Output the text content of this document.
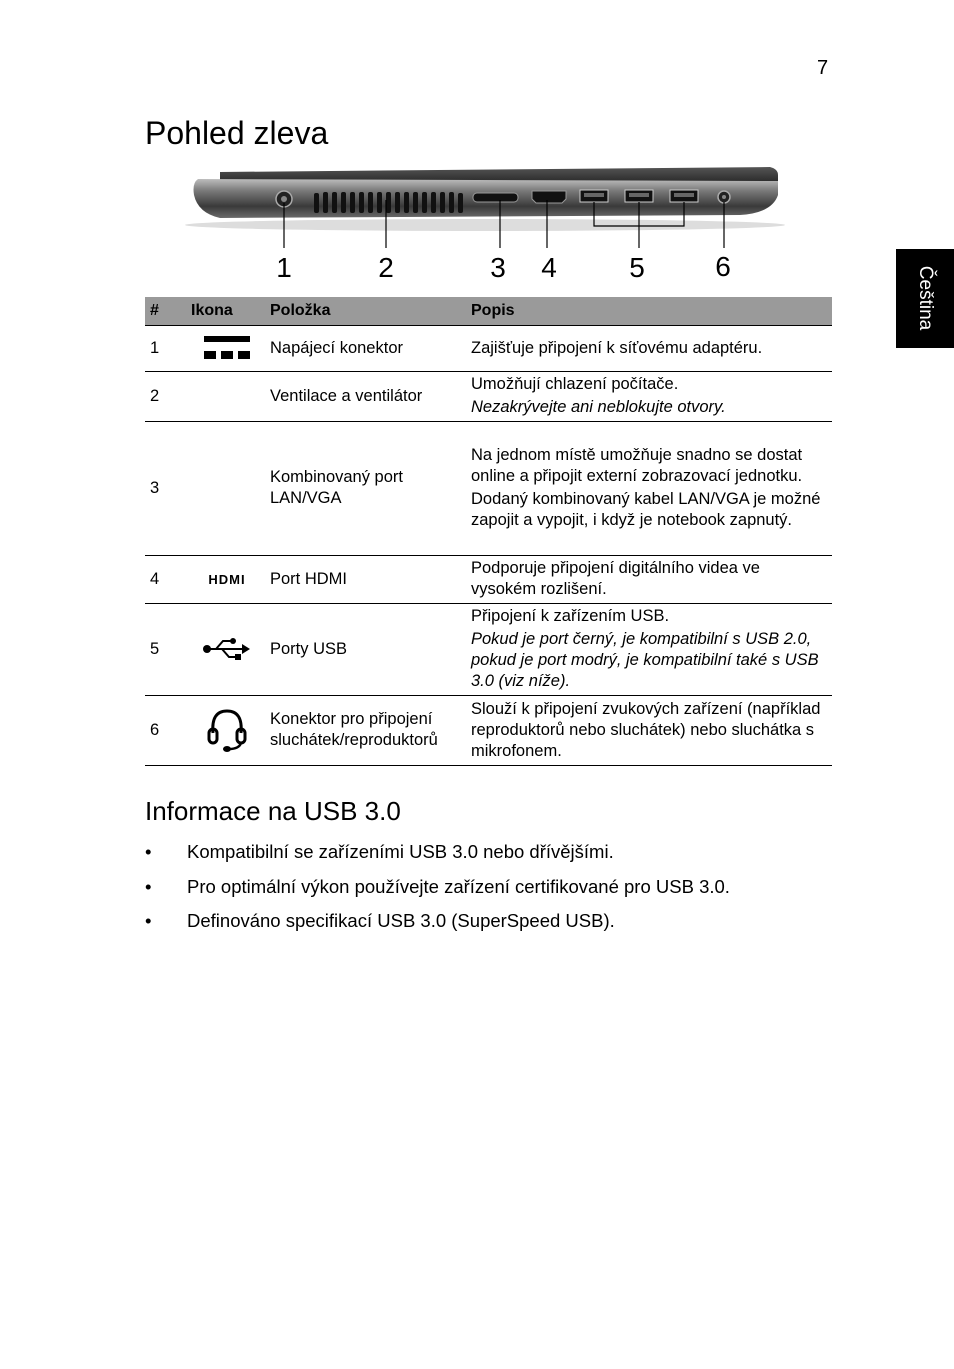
7
Čeština
Pohled zleva
1	2	3 4	5	6
#	Ikona	Položka	Popis
1		Napájecí konektor	Zajišťuje připojení k síťovému adaptéru.

2		Ventilace a ventilátor	Umožňují chlazení počítače.
Nezakrývejte ani neblokujte otvory.

3		Kombinovaný port LAN/VGA	Na jednom místě umožňuje snadno se dostat online a připojit externí zobrazovací jednotku.
Dodaný kombinovaný kabel LAN/VGA je možné zapojit a vypojit, i když je notebook zapnutý.

4	HDMI	Port HDMI	Podporuje připojení digitálního videa ve vysokém rozlišení.

5		Porty USB	Připojení k zařízením USB.
Pokud je port černý, je kompatibilní s USB 2.0, pokud je port modrý, je kompatibilní také s USB 3.0 (viz níže).

6		Konektor pro připojení sluchátek/reproduktorů	Slouží k připojení zvukových zařízení (například reproduktorů nebo sluchátek) nebo sluchátka s mikrofonem.
Informace na USB 3.0
• Kompatibilní se zařízeními USB 3.0 nebo dřívějšími.
• Pro optimální výkon používejte zařízení certifikované pro USB 3.0.
• Definováno specifikací USB 3.0 (SuperSpeed USB).
